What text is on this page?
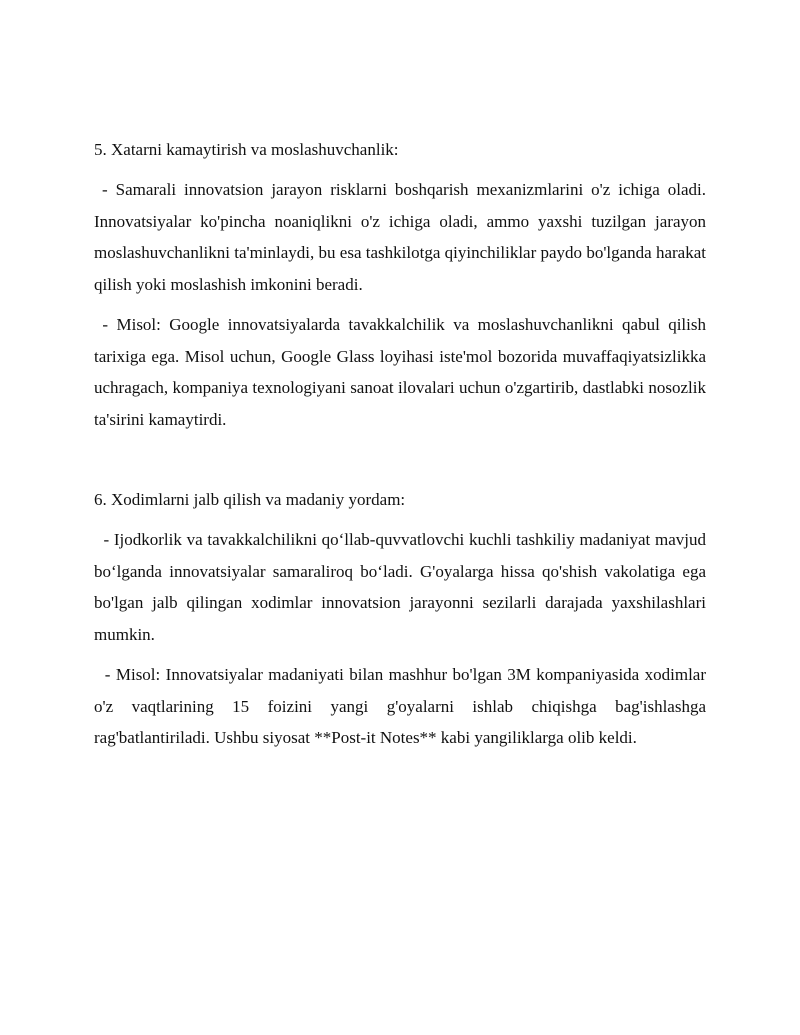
5. Xatarni kamaytirish va moslashuvchanlik:

- Samarali innovatsion jarayon risklarni boshqarish mexanizmlarini o'z ichiga oladi. Innovatsiyalar ko'pincha noaniqlikni o'z ichiga oladi, ammo yaxshi tuzilgan jarayon moslashuvchanlikni ta'minlaydi, bu esa tashkilotga qiyinchiliklar paydo bo'lganda harakat qilish yoki moslashish imkonini beradi.

- Misol: Google innovatsiyalarda tavakkalchilik va moslashuvchanlikni qabul qilish tarixiga ega. Misol uchun, Google Glass loyihasi iste'mol bozorida muvaffaqiyatsizlikka uchragach, kompaniya texnologiyani sanoat ilovalari uchun o'zgartirib, dastlabki nosozlik ta'sirini kamaytirdi.

6. Xodimlarni jalb qilish va madaniy yordam:

- Ijodkorlik va tavakkalchilikni qo‘llab-quvvatlovchi kuchli tashkiliy madaniyat mavjud bo‘lganda innovatsiyalar samaraliroq bo‘ladi. G'oyalarga hissa qo'shish vakolatiga ega bo'lgan jalb qilingan xodimlar innovatsion jarayonni sezilarli darajada yaxshilashlari mumkin.

- Misol: Innovatsiyalar madaniyati bilan mashhur bo'lgan 3M kompaniyasida xodimlar o'z vaqtlarining 15 foizini yangi g'oyalarni ishlab chiqishga bag'ishlashga rag'batlantiriladi. Ushbu siyosat **Post-it Notes** kabi yangiliklarga olib keldi.
